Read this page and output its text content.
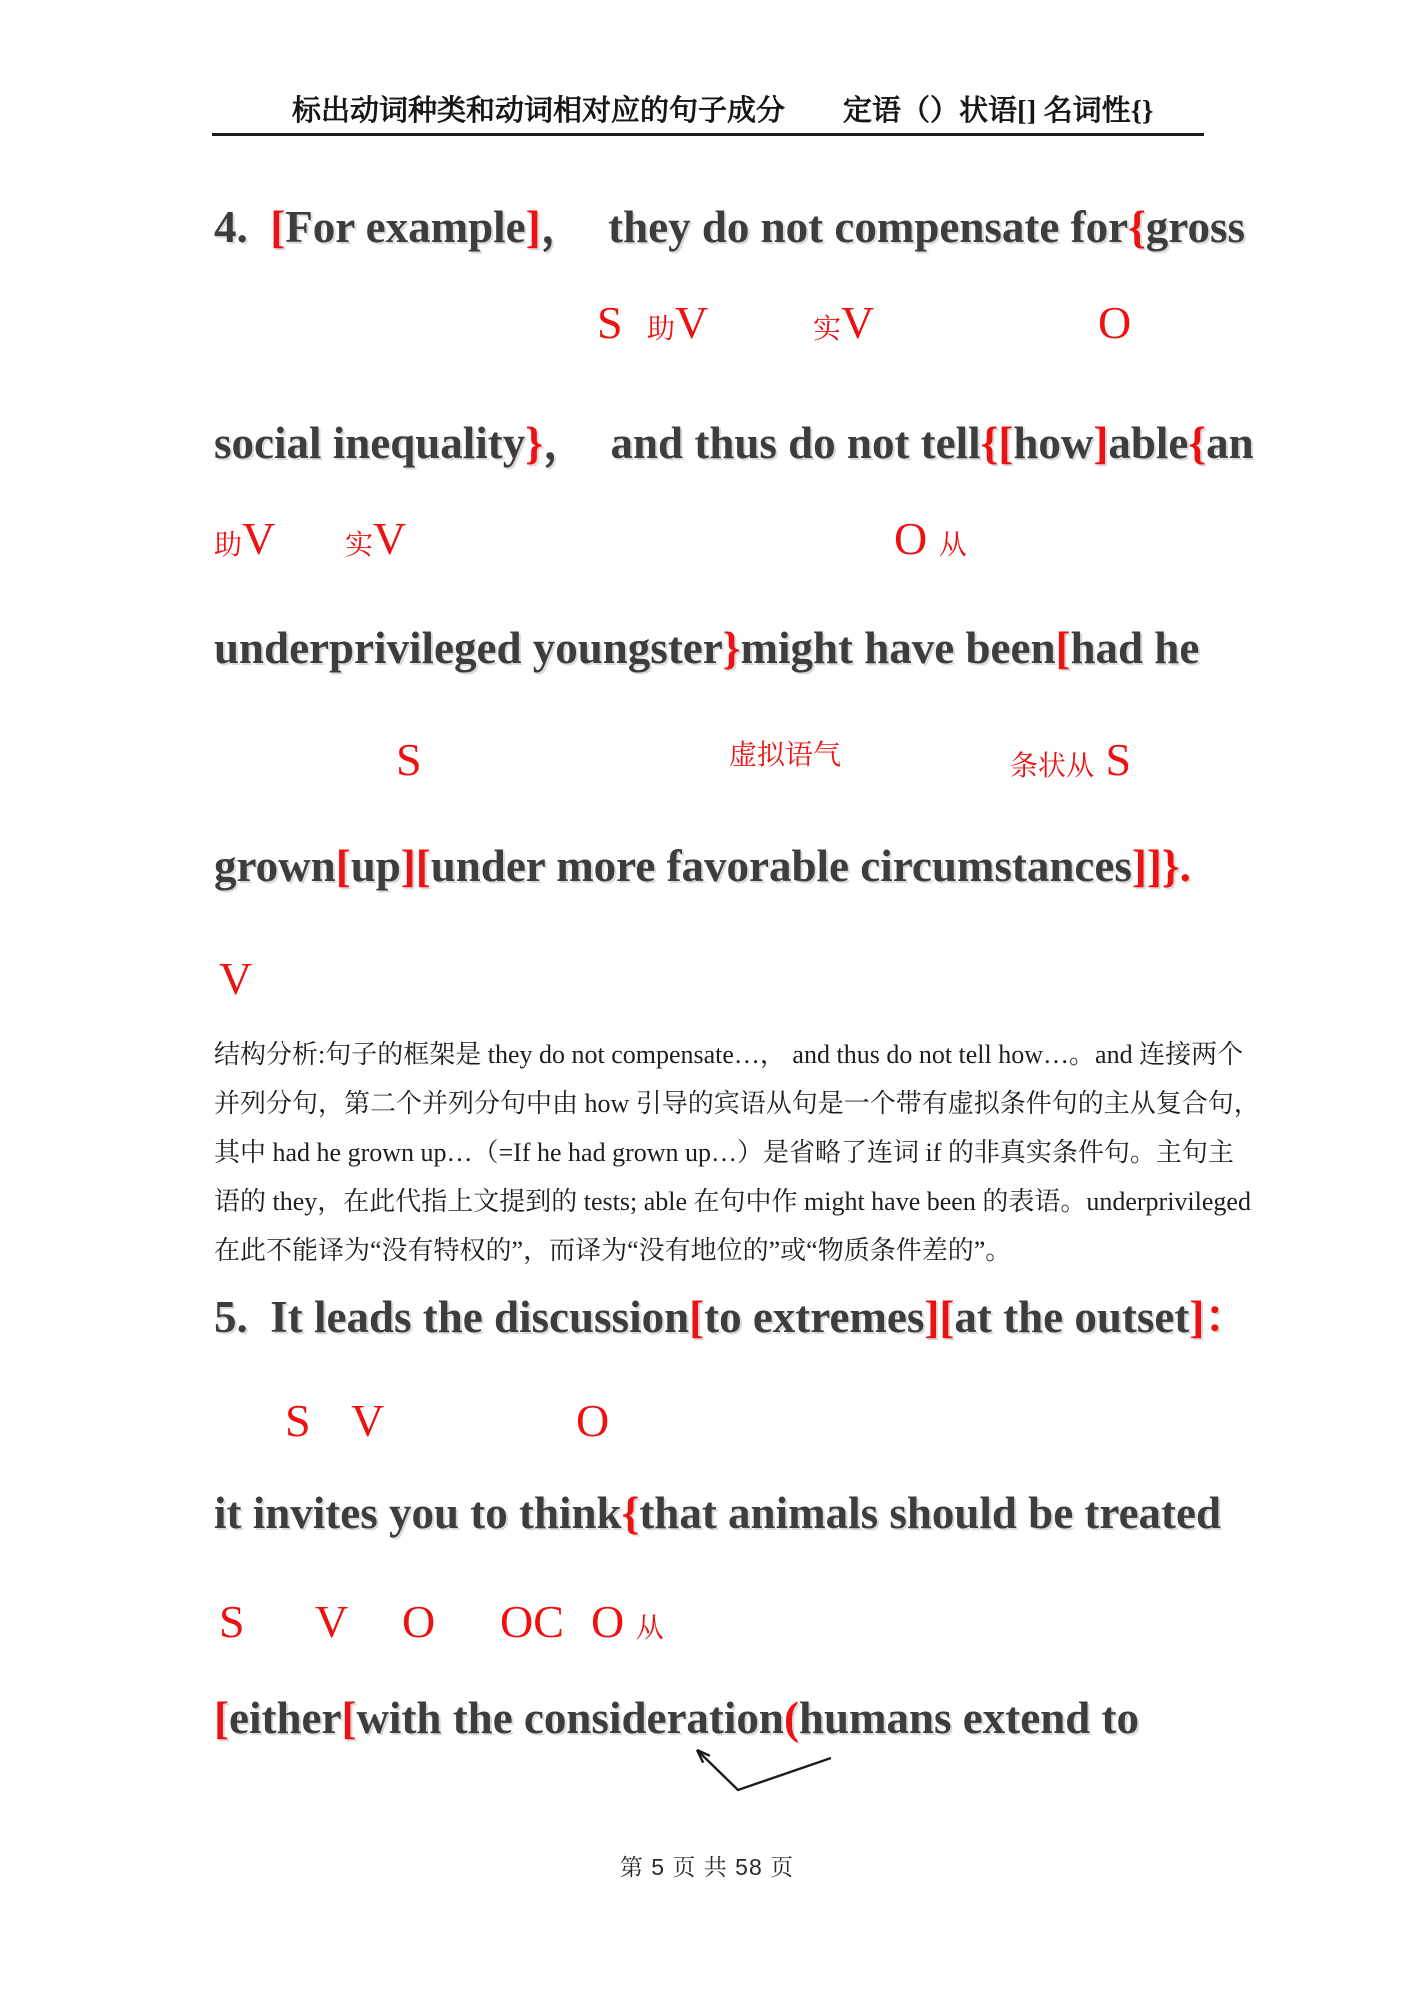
标出动词种类和动词相对应的句子成分 定语（）状语[] 名词性{}
4.  [For example]，  they do not compensate for{gross
S 助V	实V	O
social inequality}，  and thus do not tell{[how]able{an
助V 实V	O 从
underprivileged youngster}might have been[had he
S	虚拟语气	条状从 S
grown[up][under more favorable circumstances]]}.
V

结构分析:句子的框架是 they do not compensate…， and thus do not tell how…。and 连接两个

并列分句，第二个并列分句中由 how 引导的宾语从句是一个带有虚拟条件句的主从复合句，

其中 had he grown up…（=If he had grown up…）是省略了连词 if 的非真实条件句。主句主

语的 they，在此代指上文提到的 tests; able 在句中作 might have been 的表语。underprivileged

在此不能译为“没有特权的”，而译为“没有地位的”或“物质条件差的”。

5.  It leads the discussion[to extremes][at the outset]：
S V	O
it invites you to think{that animals should be treated
S V O OC O 从
[either[with the consideration(humans extend to
第 5 页 共 58 页
